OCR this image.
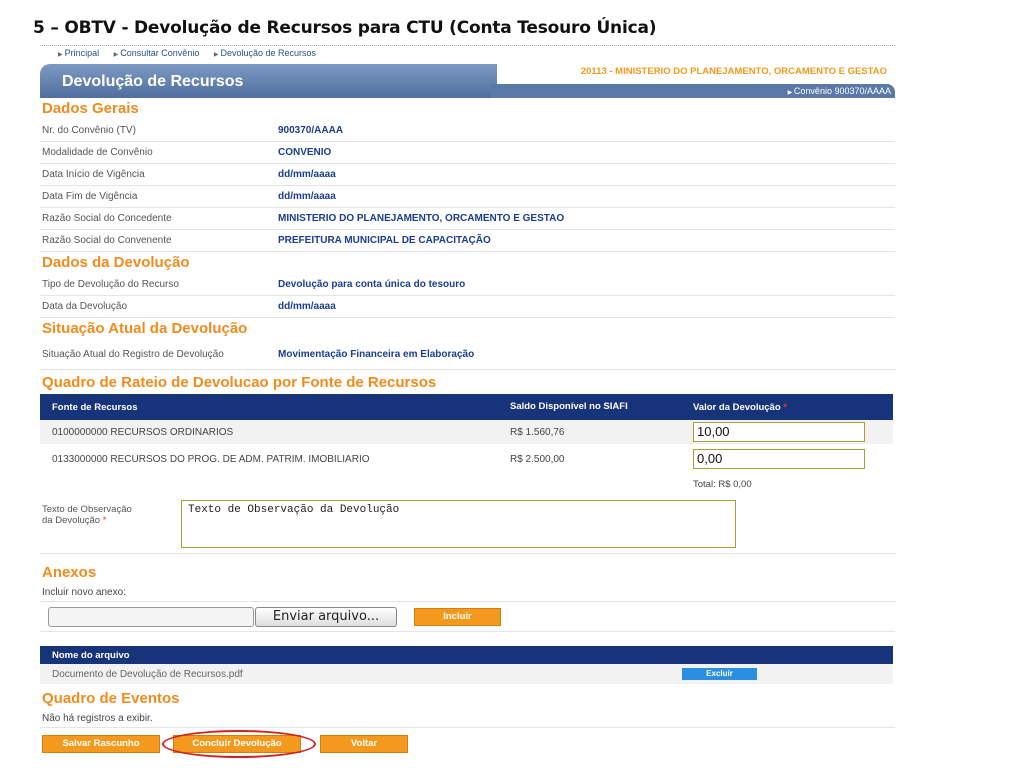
5 – OBTV - Devolução de Recursos para CTU (Conta Tesouro Única)
▶ Principal ▶ Consultar Convênio ▶ Devolução de Recursos
Devolução de Recursos
20113 - MINISTERIO DO PLANEJAMENTO, ORCAMENTO E GESTAO
▶ Convênio 900370/AAAA
Dados Gerais
Nr. do Convênio (TV)	900370/AAAA
Modalidade de Convênio	CONVENIO
Data Início de Vigência	dd/mm/aaaa
Data Fim de Vigência	dd/mm/aaaa
Razão Social do Concedente	MINISTERIO DO PLANEJAMENTO, ORCAMENTO E GESTAO
Razão Social do Convenente	PREFEITURA MUNICIPAL DE CAPACITAÇÃO
Dados da Devolução
Tipo de Devolução do Recurso	Devolução para conta única do tesouro
Data da Devolução	dd/mm/aaaa
Situação Atual da Devolução
Situação Atual do Registro de Devolução	Movimentação Financeira em Elaboração
Quadro de Rateio de Devolucao por Fonte de Recursos
Fonte de Recursos	Saldo Disponível no SIAFI	Valor da Devolução *
0100000000 RECURSOS ORDINARIOS	R$ 1.560,76	10,00

0133000000 RECURSOS DO PROG. DE ADM. PATRIM. IMOBILIARIO	R$ 2.500,00	0,00

		Total: R$ 0,00
Texto de Observação da Devolução *
Texto de Observação da Devolução
Anexos
Incluir novo anexo:
Enviar arquivo...	Incluir
Nome do arquivo
Documento de Devolução de Recursos.pdf	Excluir
Quadro de Eventos
Não há registros a exibir.
Salvar Rascunho	Concluir Devolução	Voltar
